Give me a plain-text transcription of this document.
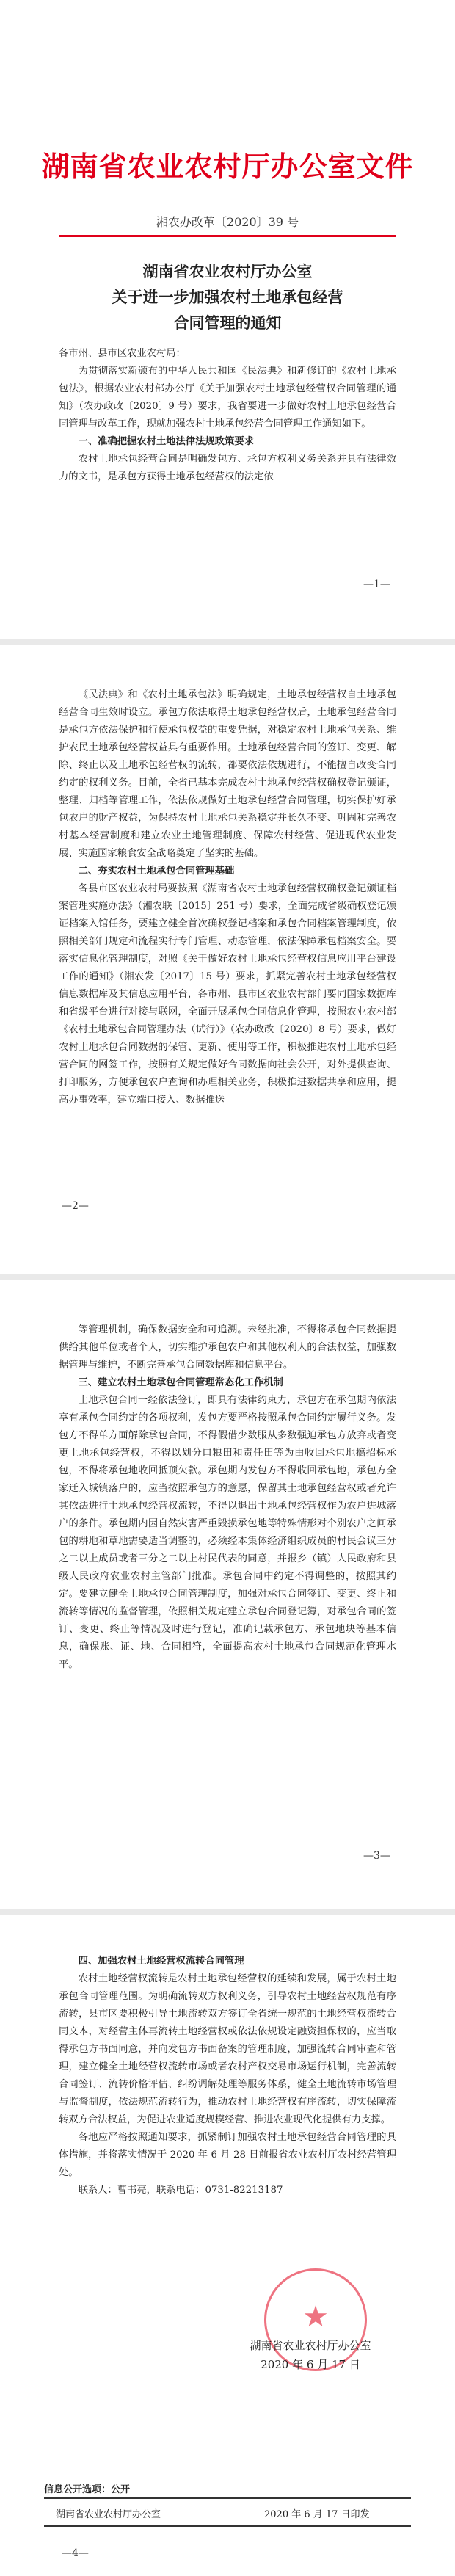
湖南省农业农村厅办公室文件
湘农办改革〔2020〕39 号
湖南省农业农村厅办公室
关于进一步加强农村土地承包经营
合同管理的通知

各市州、县市区农业农村局：

为贯彻落实新颁布的中华人民共和国《民法典》和新修订的《农村土地承包法》，根据农业农村部办公厅《关于加强农村土地承包经营权合同管理的通知》（农办政改〔2020〕9 号）要求，我省要进一步做好农村土地承包经营合同管理与改革工作，现就加强农村土地承包经营合同管理工作通知如下。

一、准确把握农村土地法律法规政策要求

农村土地承包经营合同是明确发包方、承包方权利义务关系并具有法律效力的文书，是承包方获得土地承包经营权的法定依

—1—

《民法典》和《农村土地承包法》明确规定，土地承包经营权自土地承包经营合同生效时设立。承包方依法取得土地承包经营权后，土地承包经营合同是承包方依法保护和行使承包权益的重要凭据，对稳定农村土地承包关系、维护农民土地承包经营权益具有重要作用。土地承包经营合同的签订、变更、解除、终止以及土地承包经营权的流转，都要依法依规进行，不能擅自改变合同约定的权利义务。目前，全省已基本完成农村土地承包经营权确权登记颁证，整理、归档等管理工作，依法依规做好土地承包经营合同管理，切实保护好承包农户的财产权益，为保持农村土地承包关系稳定并长久不变、巩固和完善农村基本经营制度和建立农业土地管理制度、保障农村经营、促进现代农业发展、实施国家粮食安全战略奠定了坚实的基础。

二、夯实农村土地承包合同管理基础

各县市区农业农村局要按照《湖南省农村土地承包经营权确权登记颁证档案管理实施办法》（湘农联〔2015〕251 号）要求，全面完成省级确权登记颁证档案入馆任务，要建立健全首次确权登记档案和承包合同档案管理制度，依照相关部门规定和流程实行专门管理、动态管理，依法保障承包档案安全。要落实信息化管理制度，对照《关于做好农村土地承包经营权信息应用平台建设工作的通知》（湘农发〔2017〕15 号）要求，抓紧完善农村土地承包经营权信息数据库及其信息应用平台，各市州、县市区农业农村部门要同国家数据库和省级平台进行对接与联网，全面开展承包合同信息化管理，按照农业农村部《农村土地承包合同管理办法（试行）》（农办政改〔2020〕8 号）要求，做好农村土地承包合同数据的保管、更新、使用等工作，积极推进农村土地承包经营合同的网签工作，按照有关规定做好合同数据向社会公开，对外提供查询、打印服务，方便承包农户查询和办理相关业务，积极推进数据共享和应用，提高办事效率，建立端口接入、数据推送

—2—

等管理机制，确保数据安全和可追溯。未经批准，不得将承包合同数据提供给其他单位或者个人，切实维护承包农户和其他权利人的合法权益，加强数据管理与维护，不断完善承包合同数据库和信息平台。

三、建立农村土地承包合同管理常态化工作机制

土地承包合同一经依法签订，即具有法律约束力，承包方在承包期内依法享有承包合同约定的各项权利，发包方要严格按照承包合同约定履行义务。发包方不得单方面解除承包合同，不得假借少数服从多数强迫承包方放弃或者变更土地承包经营权，不得以划分口粮田和责任田等为由收回承包地搞招标承包，不得将承包地收回抵顶欠款。承包期内发包方不得收回承包地，承包方全家迁入城镇落户的，应当按照承包方的意愿，保留其土地承包经营权或者允许其依法进行土地承包经营权流转，不得以退出土地承包经营权作为农户进城落户的条件。承包期内因自然灾害严重毁损承包地等特殊情形对个别农户之间承包的耕地和草地需要适当调整的，必须经本集体经济组织成员的村民会议三分之二以上成员或者三分之二以上村民代表的同意，并报乡（镇）人民政府和县级人民政府农业农村主管部门批准。承包合同中约定不得调整的，按照其约定。要建立健全土地承包合同管理制度，加强对承包合同签订、变更、终止和流转等情况的监督管理，依照相关规定建立承包合同登记簿，对承包合同的签订、变更、终止等情况及时进行登记，准确记载承包方、承包地块等基本信息，确保账、证、地、合同相符，全面提高农村土地承包合同规范化管理水平。

—3—

四、加强农村土地经营权流转合同管理

农村土地经营权流转是农村土地承包经营权的延续和发展，属于农村土地承包合同管理范围。为明确流转双方权利义务，引导农村土地经营权规范有序流转，县市区要积极引导土地流转双方签订全省统一规范的土地经营权流转合同文本，对经营主体再流转土地经营权或依法依规设定融资担保权的，应当取得承包方书面同意，并向发包方书面备案的管理制度，加强流转合同审查和管理，建立健全土地经营权流转市场或者农村产权交易市场运行机制，完善流转合同签订、流转价格评估、纠纷调解处理等服务体系，健全土地流转市场管理与监督制度，依法规范流转行为，推动农村土地经营权有序流转，切实保障流转双方合法权益，为促进农业适度规模经营、推进农业现代化提供有力支撑。

各地应严格按照通知要求，抓紧制订加强农村土地承包经营合同管理的具体措施，并将落实情况于 2020 年 6 月 28 日前报省农业农村厅农村经营管理处。

联系人：曹书亮，联系电话：0731-82213187

★
湖南省农业农村厅办公室
2020 年 6 月 17 日
信息公开选项：公开
湖南省农业农村厅办公室	2020 年 6 月 17 日印发
—4—
